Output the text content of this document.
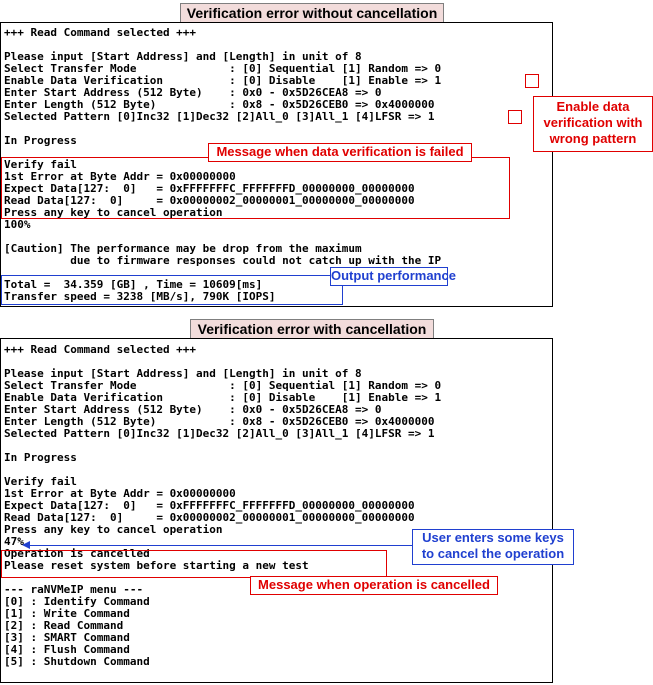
Verification error without cancellation
+++ Read Command selected +++
Please input [Start Address] and [Length] in unit of 8
Select Transfer Mode              : [0] Sequential [1] Random => 0
Enable Data Verification          : [0] Disable    [1] Enable => 1
Enter Start Address (512 Byte)    : 0x0 - 0x5D26CEA8 => 0
Enter Length (512 Byte)           : 0x8 - 0x5D26CEB0 => 0x4000000
Selected Pattern [0]Inc32 [1]Dec32 [2]All_0 [3]All_1 [4]LFSR => 1
In Progress
Verify fail
1st Error at Byte Addr = 0x00000000
Expect Data[127:  0]   = 0xFFFFFFFC_FFFFFFFD_00000000_00000000
Read Data[127:  0]     = 0x00000002_00000001_00000000_00000000
Press any key to cancel operation
100%
[Caution] The performance may be drop from the maximum
due to firmware responses could not catch up with the IP
Total =  34.359 [GB] , Time = 10609[ms]
Transfer speed = 3238 [MB/s], 790K [IOPS]
Enable data
verification with
wrong pattern
Message when data verification is failed
Output performance
Verification error with cancellation
+++ Read Command selected +++
Please input [Start Address] and [Length] in unit of 8
Select Transfer Mode              : [0] Sequential [1] Random => 0
Enable Data Verification          : [0] Disable    [1] Enable => 1
Enter Start Address (512 Byte)    : 0x0 - 0x5D26CEA8 => 0
Enter Length (512 Byte)           : 0x8 - 0x5D26CEB0 => 0x4000000
Selected Pattern [0]Inc32 [1]Dec32 [2]All_0 [3]All_1 [4]LFSR => 1
In Progress
Verify fail
1st Error at Byte Addr = 0x00000000
Expect Data[127:  0]   = 0xFFFFFFFC_FFFFFFFD_00000000_00000000
Read Data[127:  0]     = 0x00000002_00000001_00000000_00000000
Press any key to cancel operation
47%
Operation is cancelled
Please reset system before starting a new test
--- raNVMeIP menu ---
[0] : Identify Command
[1] : Write Command
[2] : Read Command
[3] : SMART Command
[4] : Flush Command
[5] : Shutdown Command
User enters some keys
to cancel the operation
Message when operation is cancelled
